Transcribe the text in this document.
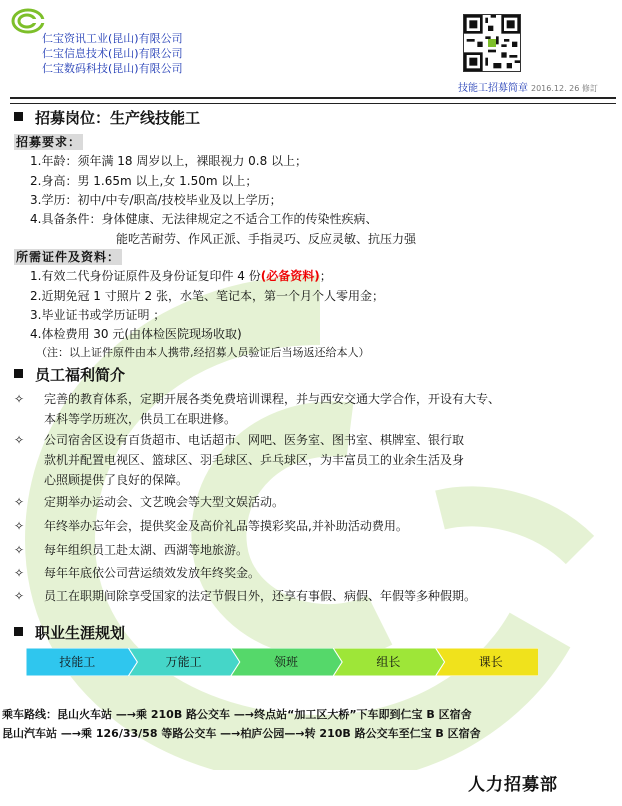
仁宝资讯工业(昆山)有限公司
仁宝信息技术(昆山)有限公司
仁宝数码科技(昆山)有限公司
技能工招募简章 2016.12. 26 修訂
招募岗位：生产线技能工
招募要求：
1.年龄：须年满 18 周岁以上，裸眼视力 0.8 以上；
2.身高：男 1.65m 以上,女 1.50m 以上；
3.学历：初中/中专/职高/技校毕业及以上学历；
4.具备条件：身体健康、无法律规定之不适合工作的传染性疾病、
能吃苦耐劳、作风正派、手指灵巧、反应灵敏、抗压力强
所需证件及资料：
1.有效二代身份证原件及身份证复印件 4 份(必备资料)；
2.近期免冠 1 寸照片 2 张，水笔、笔记本，第一个月个人零用金；
3.毕业证书或学历证明 ；
4.体检费用 30 元(由体检医院现场收取)
（注：以上证件原件由本人携带,经招募人员验证后当场返还给本人）
员工福利简介
✧ 完善的教育体系，定期开展各类免费培训课程，并与西安交通大学合作，开设有大专、
本科等学历班次，供员工在职进修。
✧ 公司宿舍区设有百货超市、电话超市、网吧、医务室、图书室、棋牌室、银行取
款机并配置电视区、篮球区、羽毛球区、乒乓球区，为丰富员工的业余生活及身
心照顾提供了良好的保障。
✧ 定期举办运动会、文艺晚会等大型文娱活动。
✧ 年终举办忘年会，提供奖金及高价礼品等摸彩奖品,并补助活动费用。
✧ 每年组织员工赴太湖、西湖等地旅游。
✧ 每年年底依公司营运绩效发放年终奖金。
✧ 员工在职期间除享受国家的法定节假日外，还享有事假、病假、年假等多种假期。
职业生涯规划
技能工	万能工	领班	组长	课长
乘车路线：昆山火车站 —→乘 210B 路公交车 —→终点站“加工区大桥”下车即到仁宝 B 区宿舍
昆山汽车站 —→乘 126/33/58 等路公交车 —→柏庐公园—→转 210B 路公交车至仁宝 B 区宿舍
人力招募部
